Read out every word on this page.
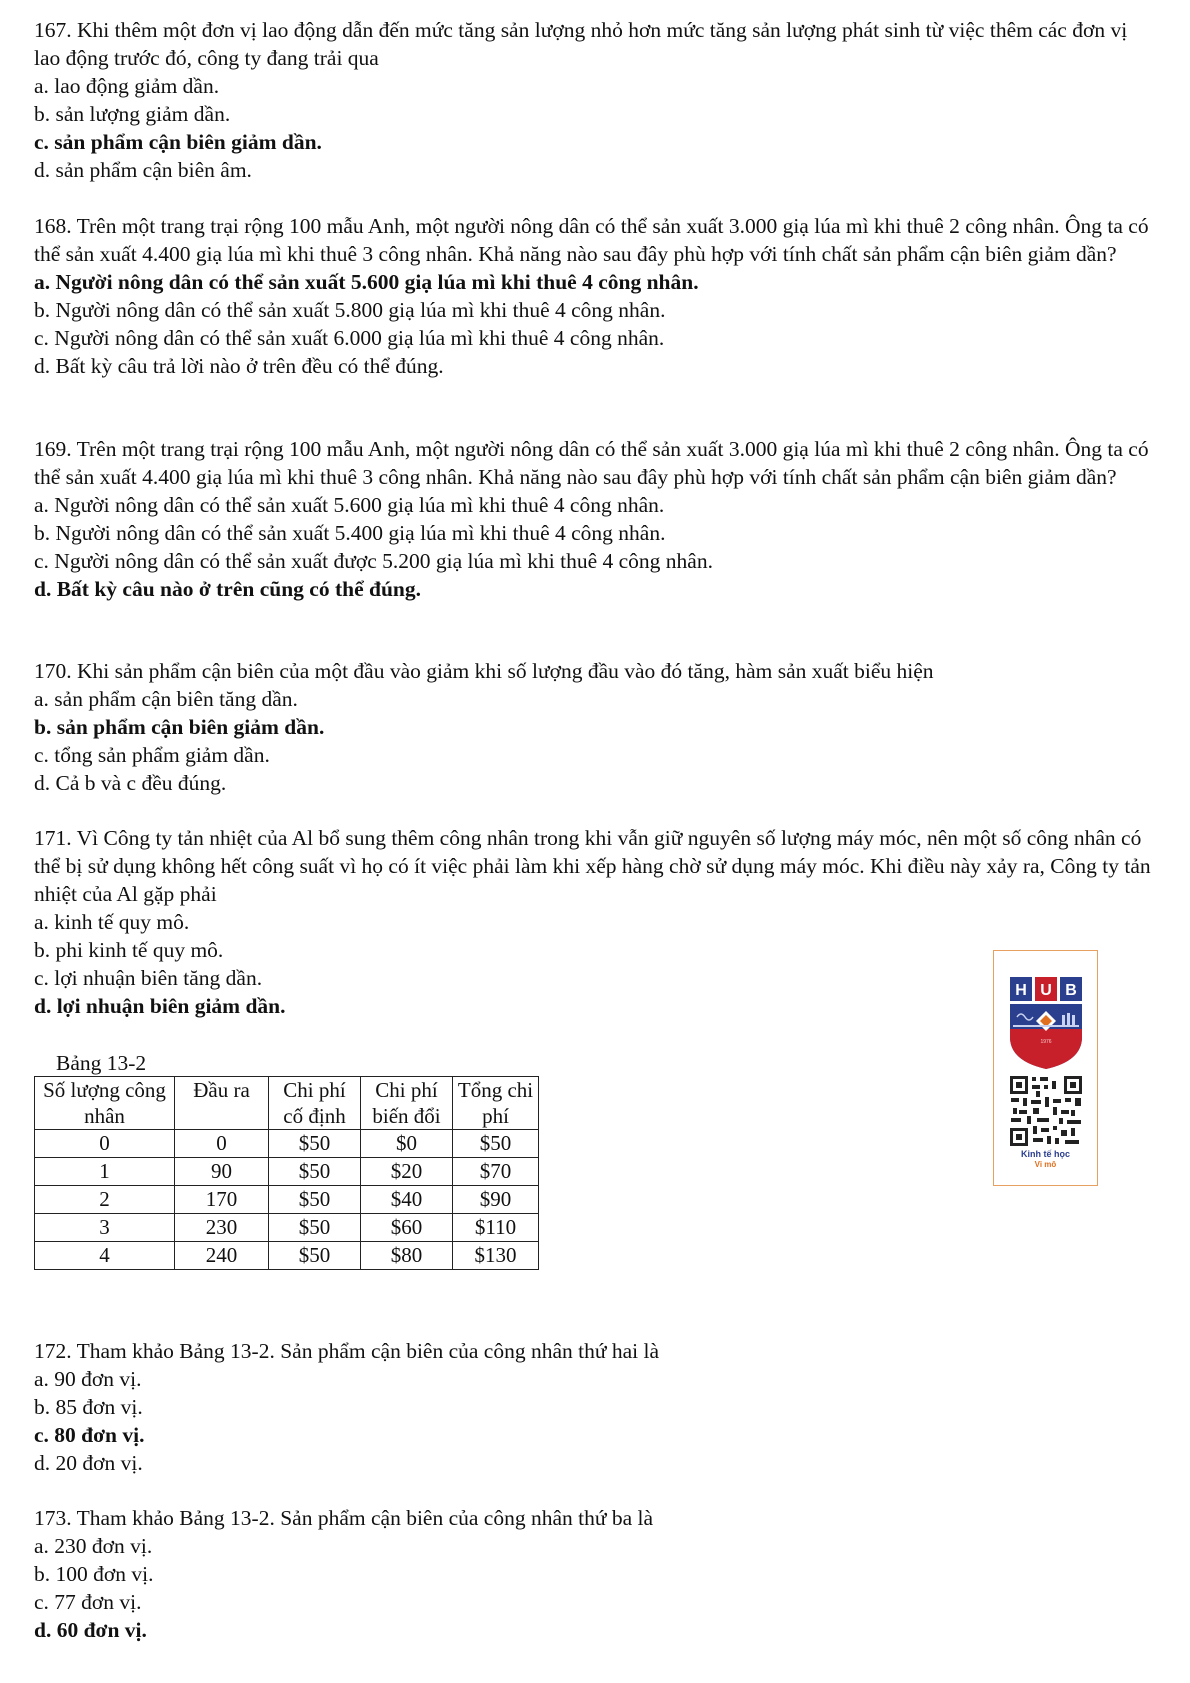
167. Khi thêm một đơn vị lao động dẫn đến mức tăng sản lượng nhỏ hơn mức tăng sản lượng phát sinh từ việc thêm các đơn vị lao động trước đó, công ty đang trải qua

a. lao động giảm dần.

b. sản lượng giảm dần.

c. sản phẩm cận biên giảm dần.

d. sản phẩm cận biên âm.

168. Trên một trang trại rộng 100 mẫu Anh, một người nông dân có thể sản xuất 3.000 giạ lúa mì khi thuê 2 công nhân. Ông ta có thể sản xuất 4.400 giạ lúa mì khi thuê 3 công nhân. Khả năng nào sau đây phù hợp với tính chất sản phẩm cận biên giảm dần?

a. Người nông dân có thể sản xuất 5.600 giạ lúa mì khi thuê 4 công nhân.

b. Người nông dân có thể sản xuất 5.800 giạ lúa mì khi thuê 4 công nhân.

c. Người nông dân có thể sản xuất 6.000 giạ lúa mì khi thuê 4 công nhân.

d. Bất kỳ câu trả lời nào ở trên đều có thể đúng.

169. Trên một trang trại rộng 100 mẫu Anh, một người nông dân có thể sản xuất 3.000 giạ lúa mì khi thuê 2 công nhân. Ông ta có thể sản xuất 4.400 giạ lúa mì khi thuê 3 công nhân. Khả năng nào sau đây phù hợp với tính chất sản phẩm cận biên giảm dần?

a. Người nông dân có thể sản xuất 5.600 giạ lúa mì khi thuê 4 công nhân.

b. Người nông dân có thể sản xuất 5.400 giạ lúa mì khi thuê 4 công nhân.

c. Người nông dân có thể sản xuất được 5.200 giạ lúa mì khi thuê 4 công nhân.

d. Bất kỳ câu nào ở trên cũng có thể đúng.

170. Khi sản phẩm cận biên của một đầu vào giảm khi số lượng đầu vào đó tăng, hàm sản xuất biểu hiện

a. sản phẩm cận biên tăng dần.

b. sản phẩm cận biên giảm dần.

c. tổng sản phẩm giảm dần.

d. Cả b và c đều đúng.

171. Vì Công ty tản nhiệt của Al bổ sung thêm công nhân trong khi vẫn giữ nguyên số lượng máy móc, nên một số công nhân có thể bị sử dụng không hết công suất vì họ có ít việc phải làm khi xếp hàng chờ sử dụng máy móc. Khi điều này xảy ra, Công ty tản nhiệt của Al gặp phải

a. kinh tế quy mô.

b. phi kinh tế quy mô.

c. lợi nhuận biên tăng dần.

d. lợi nhuận biên giảm dần.

Bảng 13-2

Số lượng công nhân	Đầu ra	Chi phí cố định	Chi phí biến đổi	Tổng chi phí
0	0	$50	$0	$50
1	90	$50	$20	$70
2	170	$50	$40	$90
3	230	$50	$60	$110
4	240	$50	$80	$130

172. Tham khảo Bảng 13-2. Sản phẩm cận biên của công nhân thứ hai là

a. 90 đơn vị.

b. 85 đơn vị.

c. 80 đơn vị.

d. 20 đơn vị.

173. Tham khảo Bảng 13-2. Sản phẩm cận biên của công nhân thứ ba là

a. 230 đơn vị.

b. 100 đơn vị.

c. 77 đơn vị.

d. 60 đơn vị.

H U B
1976
Kinh tế học
Vi mô
